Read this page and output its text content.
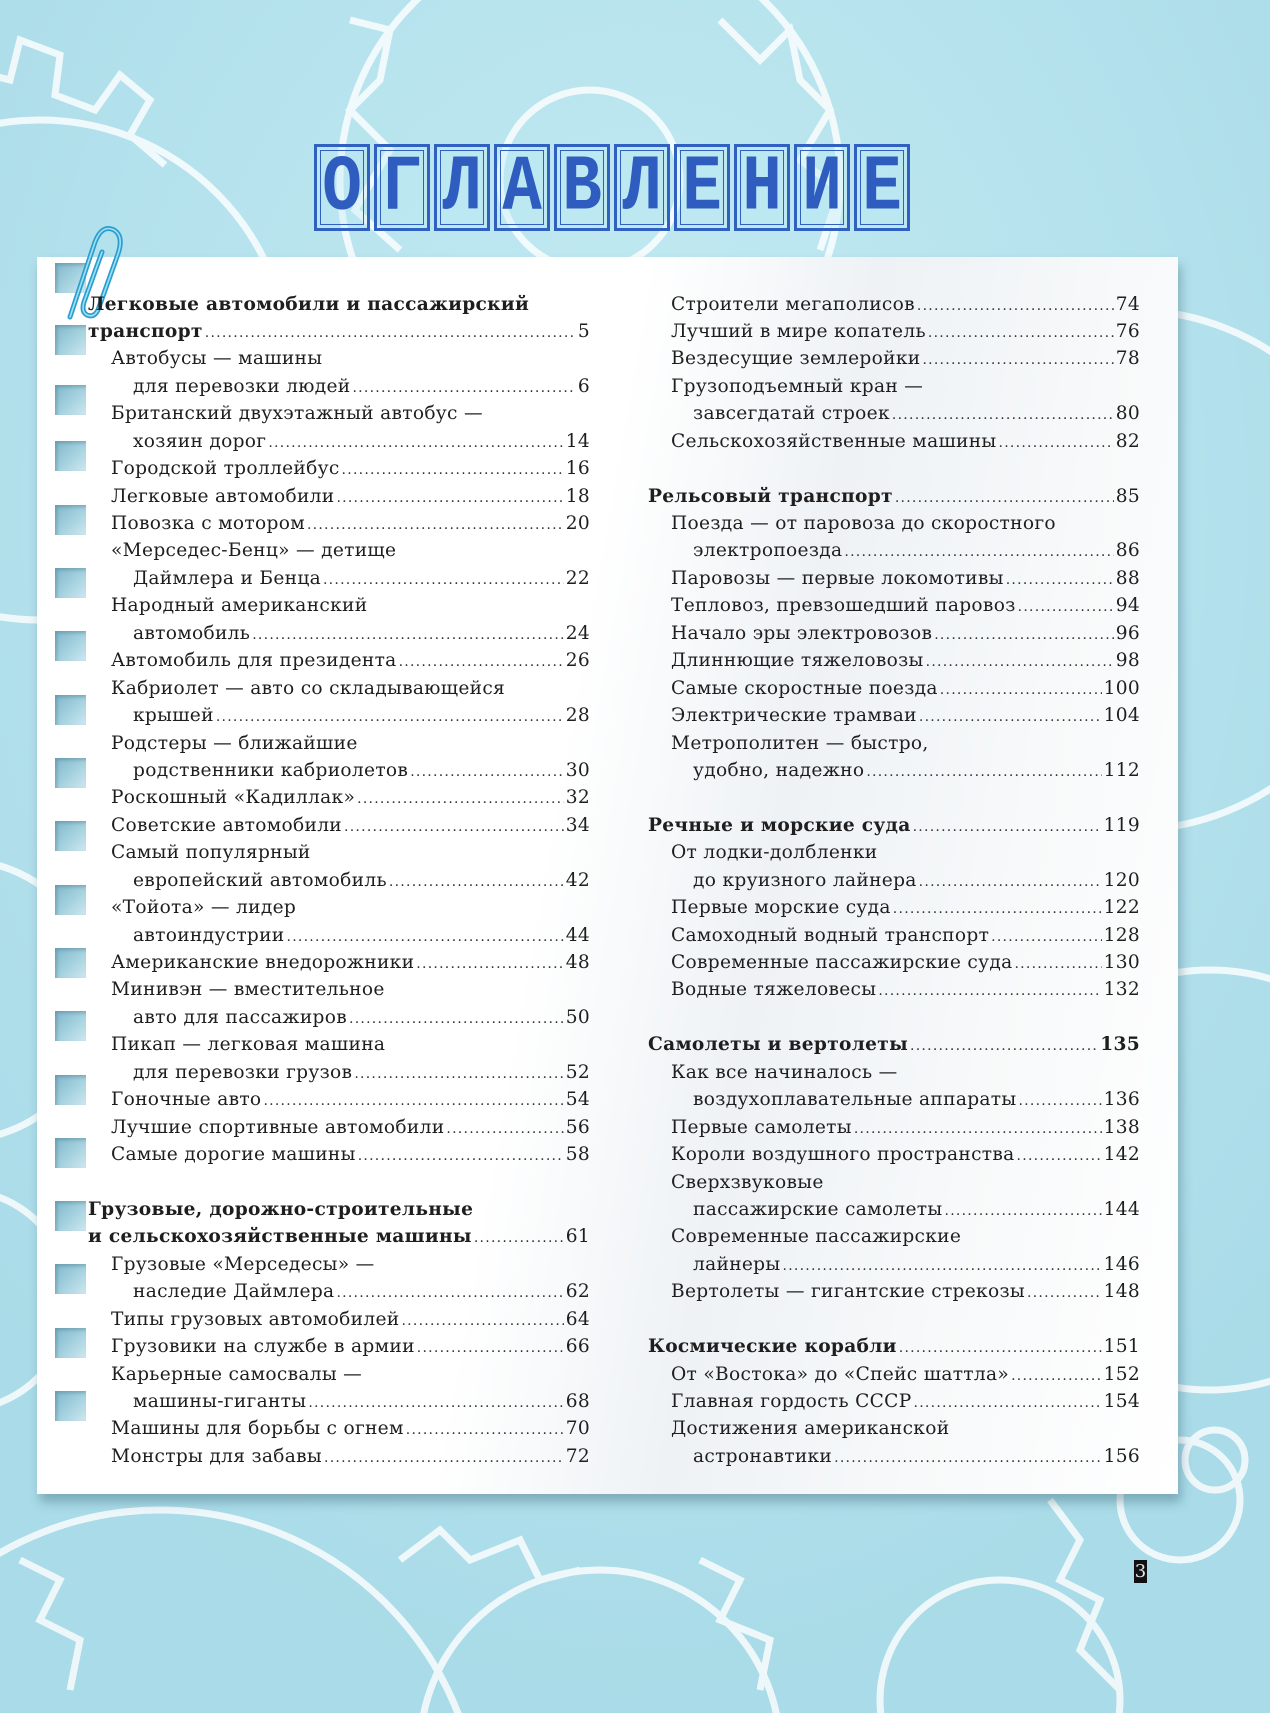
О Г Л А В Л Е Н И Е
Легковые автомобили и пассажирский
транспорт . . .	5
Автобусы — машины
для перевозки людей . . .	6
Британский двухэтажный автобус —
хозяин дорог . . .	14
Городской троллейбус . . .	16
Легковые автомобили . . .	18
Повозка с мотором . . .	20
«Мерседес-Бенц» — детище
Даймлера и Бенца . . .	22
Народный американский
автомобиль . . .	24
Автомобиль для президента . . .	26
Кабриолет — авто со складывающейся
крышей . . .	28
Родстеры — ближайшие
родственники кабриолетов . . .	30
Роскошный «Кадиллак» . . .	32
Советские автомобили . . .	34
Самый популярный
европейский автомобиль . . .	42
«Тойота» — лидер
автоиндустрии . . .	44
Американские внедорожники . . .	48
Минивэн — вместительное
авто для пассажиров . . .	50
Пикап — легковая машина
для перевозки грузов . . .	52
Гоночные авто . . .	54
Лучшие спортивные автомобили . . .	56
Самые дорогие машины . . .	58
Грузовые, дорожно-строительные
и сельскохозяйственные машины . . .	61
Грузовые «Мерседесы» —
наследие Даймлера . . .	62
Типы грузовых автомобилей . . .	64
Грузовики на службе в армии . . .	66
Карьерные самосвалы —
машины-гиганты . . .	68
Машины для борьбы с огнем . . .	70
Монстры для забавы . . .	72
Строители мегаполисов . . .	74
Лучший в мире копатель . . .	76
Вездесущие землеройки . . .	78
Грузоподъемный кран —
завсегдатай строек . . .	80
Сельскохозяйственные машины . . .	82
Рельсовый транспорт . . .	85
Поезда — от паровоза до скоростного
электропоезда . . .	86
Паровозы — первые локомотивы . . .	88
Тепловоз, превзошедший паровоз . . .	94
Начало эры электровозов . . .	96
Длиннющие тяжеловозы . . .	98
Самые скоростные поезда . . .	100
Электрические трамваи . . .	104
Метрополитен — быстро,
удобно, надежно . . .	112
Речные и морские суда . . .	119
От лодки-долбленки
до круизного лайнера . . .	120
Первые морские суда . . .	122
Самоходный водный транспорт . . .	128
Современные пассажирские суда . . .	130
Водные тяжеловесы . . .	132
Самолеты и вертолеты . . .	135
Как все начиналось —
воздухоплавательные аппараты . . .	136
Первые самолеты . . .	138
Короли воздушного пространства . . .	142
Сверхзвуковые
пассажирские самолеты . . .	144
Современные пассажирские
лайнеры . . .	146
Вертолеты — гигантские стрекозы . . .	148
Космические корабли . . .	151
От «Востока» до «Спейс шаттла» . . .	152
Главная гордость СССР . . .	154
Достижения американской
астронавтики . . .	156
3
